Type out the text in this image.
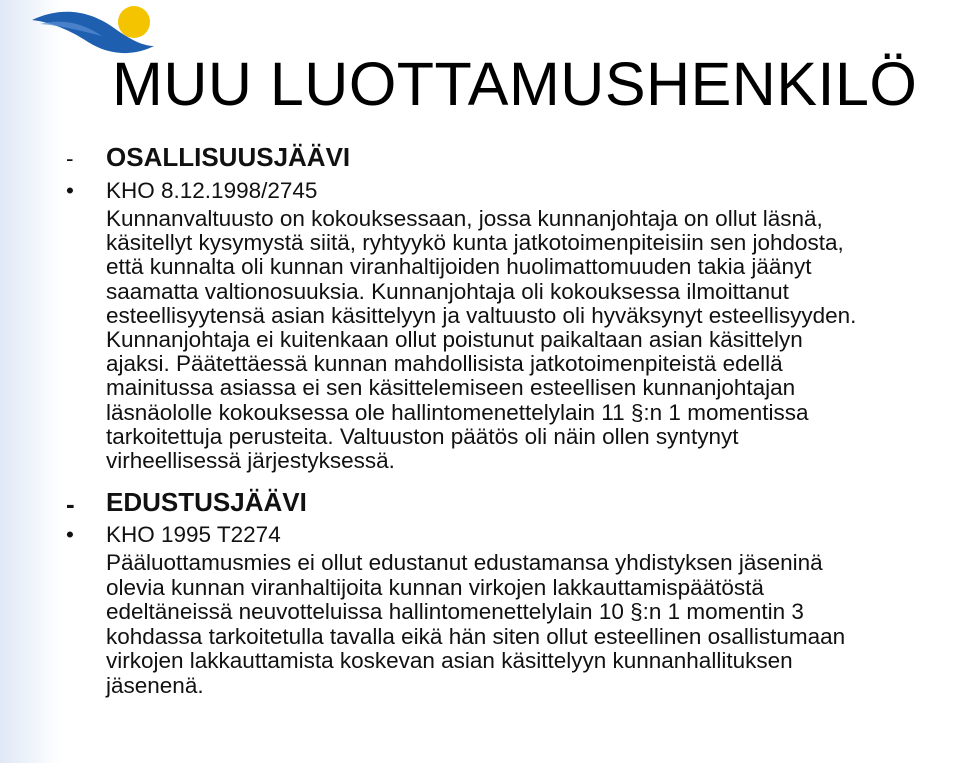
MUU LUOTTAMUSHENKILÖ
-	OSALLISUUSJÄÄVI
•	KHO 8.12.1998/2745
Kunnanvaltuusto on kokouksessaan, jossa kunnanjohtaja on ollut läsnä,
käsitellyt kysymystä siitä, ryhtyykö kunta jatkotoimenpiteisiin sen johdosta,
että kunnalta oli kunnan viranhaltijoiden huolimattomuuden takia jäänyt
saamatta valtionosuuksia. Kunnanjohtaja oli kokouksessa ilmoittanut
esteellisyytensä asian käsittelyyn ja valtuusto oli hyväksynyt esteellisyyden.
Kunnanjohtaja ei kuitenkaan ollut poistunut paikaltaan asian käsittelyn
ajaksi. Päätettäessä kunnan mahdollisista jatkotoimenpiteistä edellä
mainitussa asiassa ei sen käsittelemiseen esteellisen kunnanjohtajan
läsnäololle kokouksessa ole hallintomenettelylain 11 §:n 1 momentissa
tarkoitettuja perusteita. Valtuuston päätös oli näin ollen syntynyt
virheellisessä järjestyksessä.
-	EDUSTUSJÄÄVI
•	KHO 1995 T2274
Pääluottamusmies ei ollut edustanut edustamansa yhdistyksen jäseninä
olevia kunnan viranhaltijoita kunnan virkojen lakkauttamispäätöstä
edeltäneissä neuvotteluissa hallintomenettelylain 10 §:n 1 momentin 3
kohdassa tarkoitetulla tavalla eikä hän siten ollut esteellinen osallistumaan
virkojen lakkauttamista koskevan asian käsittelyyn kunnanhallituksen
jäsenenä.
